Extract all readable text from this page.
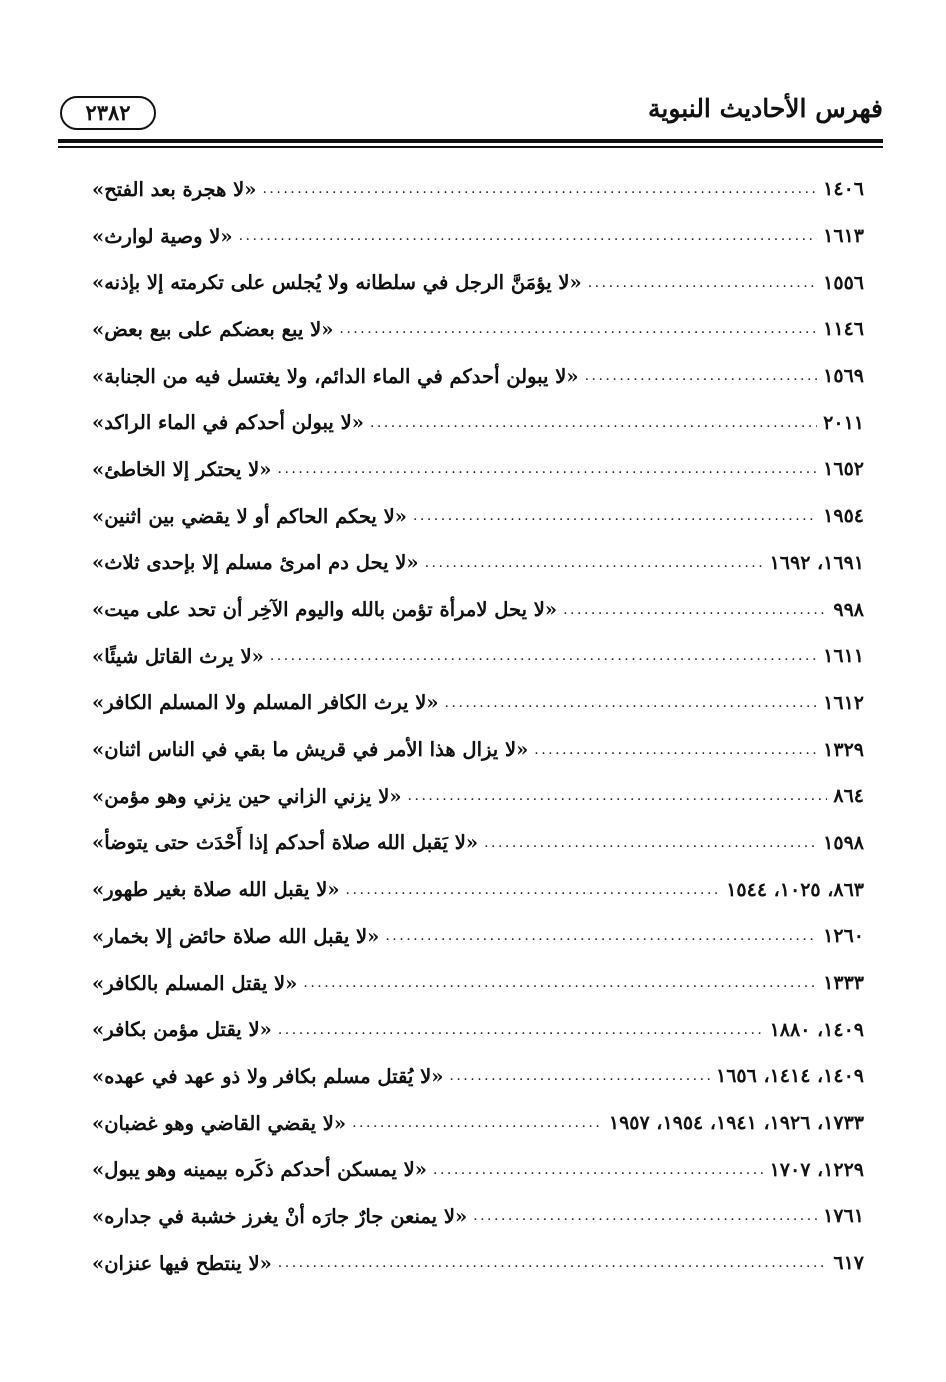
فهرس الأحاديث النبوية
٢٣٨٢
«لا هجرة بعد الفتح» .....	١٤٠٦
«لا وصية لوارث» .....	١٦١٣
«لا يؤمَنَّ الرجل في سلطانه ولا يُجلس على تكرمته إلا بإذنه» .....	١٥٥٦
«لا يبع بعضكم على بيع بعض» .....	١١٤٦
«لا يبولن أحدكم في الماء الدائم، ولا يغتسل فيه من الجنابة» .....	١٥٦٩
«لا يبولن أحدكم في الماء الراكد» .....	٢٠١١
«لا يحتكر إلا الخاطئ» .....	١٦٥٢
«لا يحكم الحاكم أو لا يقضي بين اثنين» .....	١٩٥٤
«لا يحل دم امرئ مسلم إلا بإحدى ثلاث» .....	١٦٩١، ١٦٩٢
«لا يحل لامرأة تؤمن بالله واليوم الآخِر أن تحد على ميت» .....	٩٩٨
«لا يرث القاتل شيئًا» .....	١٦١١
«لا يرث الكافر المسلم ولا المسلم الكافر» .....	١٦١٢
«لا يزال هذا الأمر في قريش ما بقي في الناس اثنان» .....	١٣٢٩
«لا يزني الزاني حين يزني وهو مؤمن» .....	٨٦٤
«لا يَقبل الله صلاة أحدكم إذا أَحْدَث حتى يتوضأ» .....	١٥٩٨
«لا يقبل الله صلاة بغير طهور» .....	٨٦٣، ١٠٢٥، ١٥٤٤
«لا يقبل الله صلاة حائض إلا بخمار» .....	١٢٦٠
«لا يقتل المسلم بالكافر» .....	١٣٣٣
«لا يقتل مؤمن بكافر» .....	١٤٠٩، ١٨٨٠
«لا يُقتل مسلم بكافر ولا ذو عهد في عهده» .....	١٤٠٩، ١٤١٤، ١٦٥٦
«لا يقضي القاضي وهو غضبان» .....	١٧٣٣، ١٩٢٦، ١٩٤١، ١٩٥٤، ١٩٥٧
«لا يمسكن أحدكم ذكَره بيمينه وهو يبول» .....	١٢٢٩، ١٧٠٧
«لا يمنعن جارٌ جارَه أنْ يغرز خشبة في جداره» .....	١٧٦١
«لا ينتطح فيها عنزان» .....	٦١٧
